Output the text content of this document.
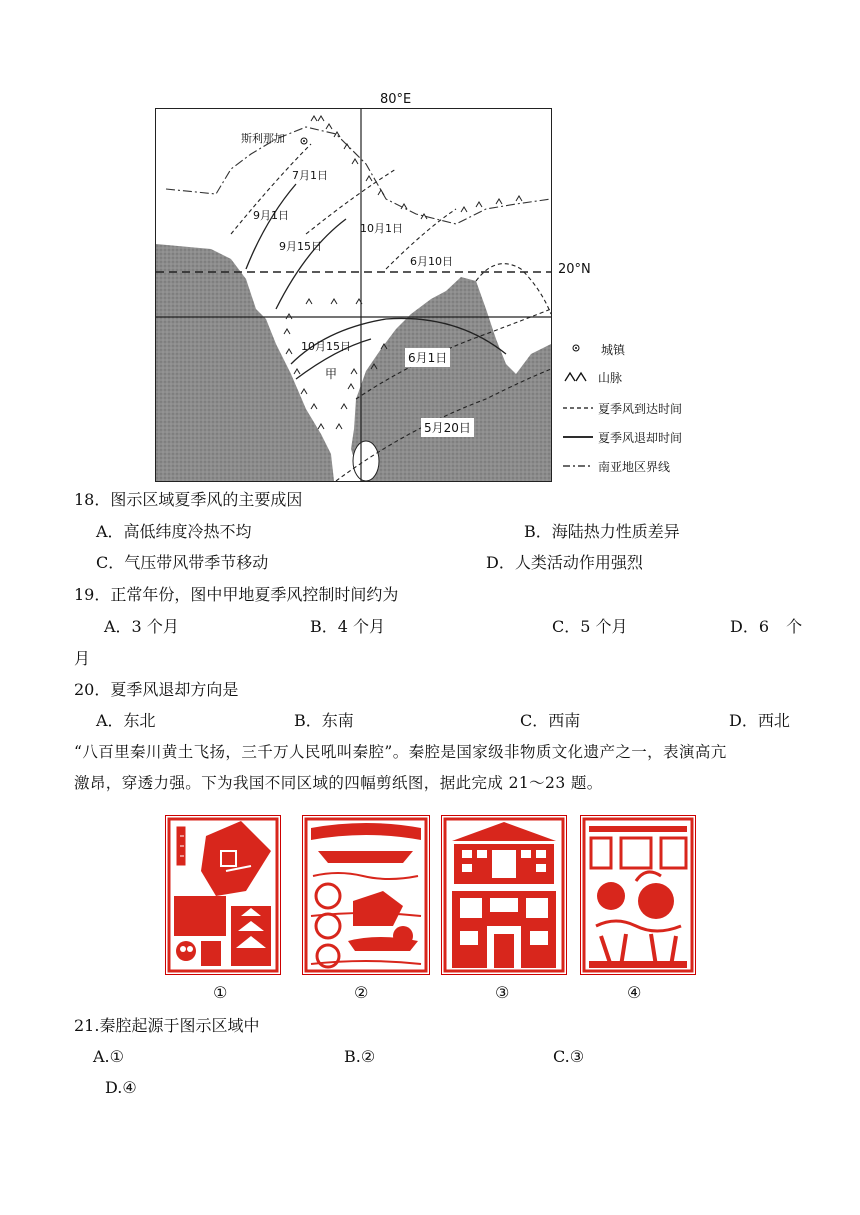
80°E
斯利那加
7月1日
9月1日
9月15日
10月1日
6月10日
10月15日
甲
6月1日
5月20日
20°N
城镇
山脉
夏季风到达时间
夏季风退却时间
南亚地区界线
18．图示区域夏季风的主要成因
A．高低纬度冷热不均	B．海陆热力性质差异
C．气压带风带季节移动	D．人类活动作用强烈
19．正常年份，图中甲地夏季风控制时间约为
A．3 个月	B．4 个月	C．5 个月	D．6 个
月
20．夏季风退却方向是
A．东北	B．东南	C．西南	D．西北
“八百里秦川黄土飞扬，三千万人民吼叫秦腔”。秦腔是国家级非物质文化遗产之一，表演高亢
激昂，穿透力强。下为我国不同区域的四幅剪纸图，据此完成 21～23 题。
①	②	③	④
21.秦腔起源于图示区域中
A.①	B.②	C.③
D.④
